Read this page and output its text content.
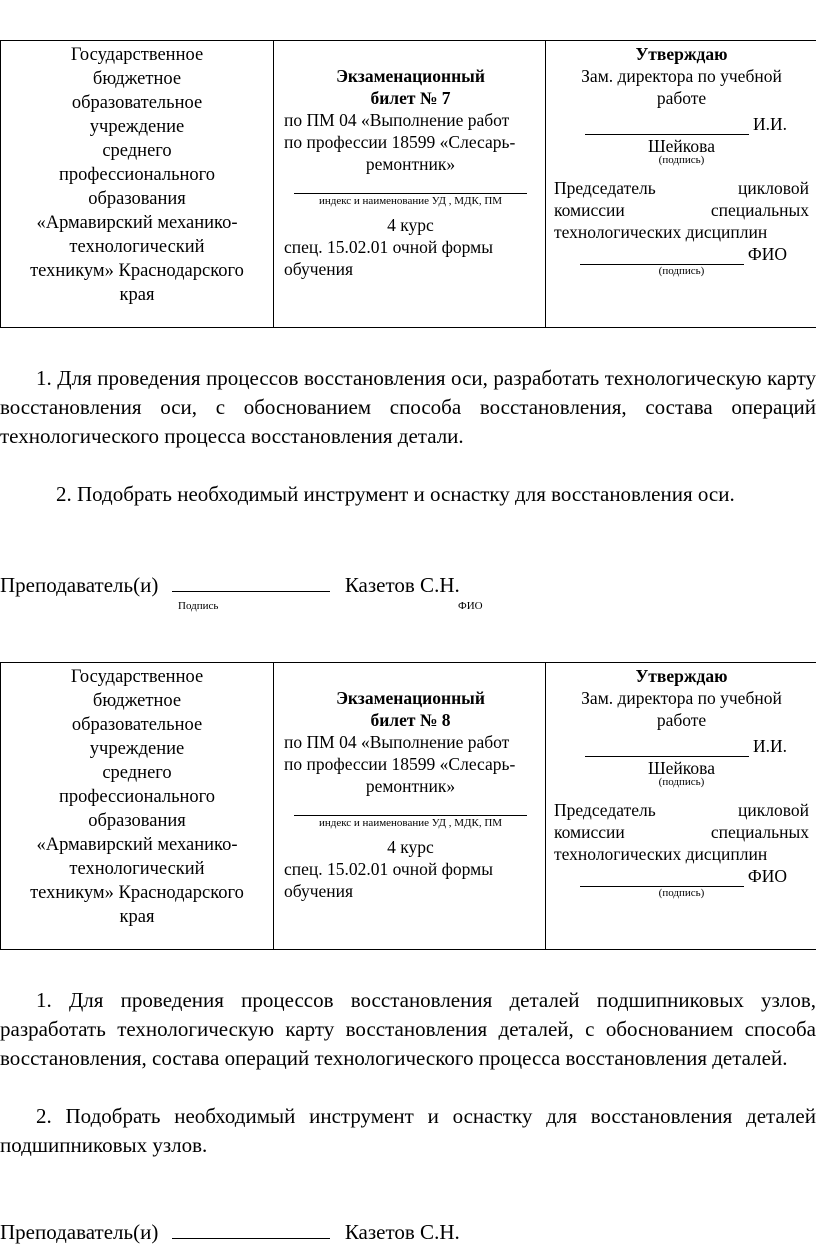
Государственное
бюджетное
образовательное
учреждение
среднего
профессионального
образования
«Армавирский механико-
технологический
техникум» Краснодарского
края

Экзаменационный
билет № 7
по ПМ 04 «Выполнение работ
по профессии 18599 «Слесарь-
ремонтник»
индекс и наименование УД , МДК, ПМ
4 курс
спец. 15.02.01 очной формы
обучения

Утверждаю
Зам. директора по учебной
работе
И.И.
Шейкова
(подпись)
Председатель	цикловой
комиссии	специальных
технологических дисциплин
ФИО
(подпись)

1. Для проведения процессов восстановления оси, разработать технологическую карту восстановления оси, с обоснованием способа восстановления, состава операций технологического процесса восстановления детали.

2. Подобрать необходимый инструмент и оснастку для восстановления оси.

Преподаватель(и)	Казетов С.Н.
Подпись	ФИО
Государственное
бюджетное
образовательное
учреждение
среднего
профессионального
образования
«Армавирский механико-
технологический
техникум» Краснодарского
края

Экзаменационный
билет № 8
по ПМ 04 «Выполнение работ
по профессии 18599 «Слесарь-
ремонтник»
индекс и наименование УД , МДК, ПМ
4 курс
спец. 15.02.01 очной формы
обучения

Утверждаю
Зам. директора по учебной
работе
И.И.
Шейкова
(подпись)
Председатель	цикловой
комиссии	специальных
технологических дисциплин
ФИО
(подпись)

1. Для проведения процессов восстановления деталей подшипниковых узлов, разработать технологическую карту восстановления деталей, с обоснованием способа восстановления, состава операций технологического процесса восстановления деталей.

2. Подобрать необходимый инструмент и оснастку для восстановления деталей подшипниковых узлов.

Преподаватель(и)	Казетов С.Н.
